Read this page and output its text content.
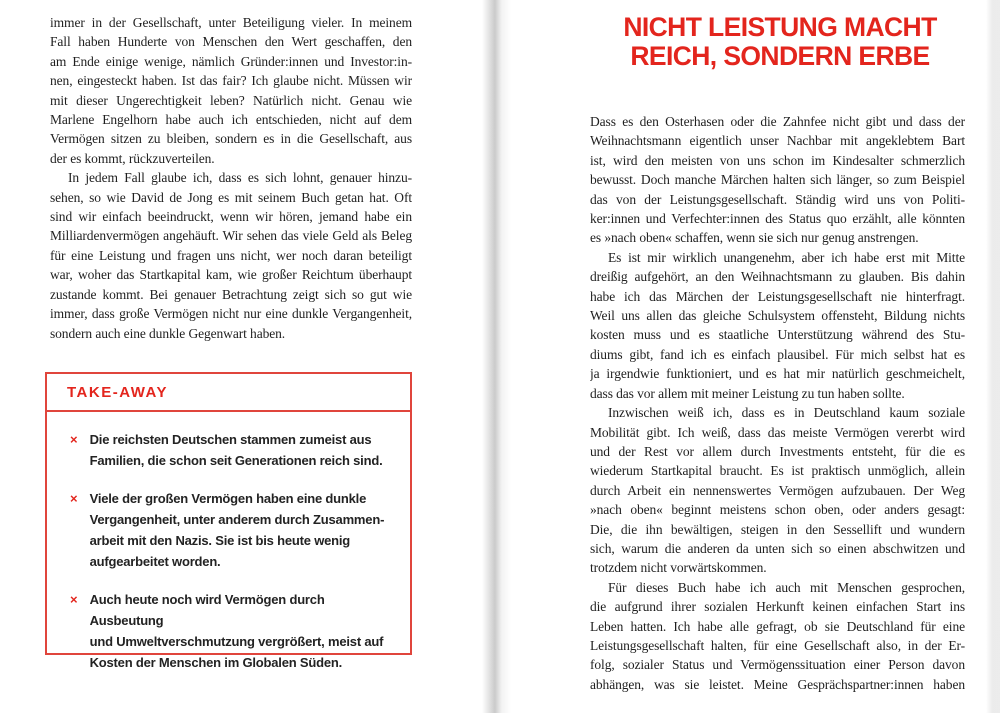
immer in der Gesellschaft, unter Beteiligung vieler. In meinem
Fall haben Hunderte von Menschen den Wert geschaffen, den
am Ende einige wenige, nämlich Gründer:innen und Investor:in-
nen, eingesteckt haben. Ist das fair? Ich glaube nicht. Müssen wir
mit dieser Ungerechtigkeit leben? Natürlich nicht. Genau wie
Marlene Engelhorn habe auch ich entschieden, nicht auf dem
Vermögen sitzen zu bleiben, sondern es in die Gesellschaft, aus
der es kommt, rückzuverteilen.
In jedem Fall glaube ich, dass es sich lohnt, genauer hinzu-
sehen, so wie David de Jong es mit seinem Buch getan hat. Oft
sind wir einfach beeindruckt, wenn wir hören, jemand habe ein
Milliardenvermögen angehäuft. Wir sehen das viele Geld als Beleg
für eine Leistung und fragen uns nicht, wer noch daran beteiligt
war, woher das Startkapital kam, wie großer Reichtum überhaupt
zustande kommt. Bei genauer Betrachtung zeigt sich so gut wie
immer, dass große Vermögen nicht nur eine dunkle Vergangenheit,
sondern auch eine dunkle Gegenwart haben.
TAKE-AWAY
× Die reichsten Deutschen stammen zumeist aus
Familien, die schon seit Generationen reich sind.
× Viele der großen Vermögen haben eine dunkle
Vergangenheit, unter anderem durch Zusammen-
arbeit mit den Nazis. Sie ist bis heute wenig
aufgearbeitet worden.
× Auch heute noch wird Vermögen durch Ausbeutung
und Umweltverschmutzung vergrößert, meist auf
Kosten der Menschen im Globalen Süden.
NICHT LEISTUNG MACHT
REICH, SONDERN ERBE
Dass es den Osterhasen oder die Zahnfee nicht gibt und dass der
Weihnachtsmann eigentlich unser Nachbar mit angeklebtem Bart
ist, wird den meisten von uns schon im Kindesalter schmerzlich
bewusst. Doch manche Märchen halten sich länger, so zum Beispiel
das von der Leistungsgesellschaft. Ständig wird uns von Politi-
ker:innen und Verfechter:innen des Status quo erzählt, alle könnten
es »nach oben« schaffen, wenn sie sich nur genug anstrengen.
Es ist mir wirklich unangenehm, aber ich habe erst mit Mitte
dreißig aufgehört, an den Weihnachtsmann zu glauben. Bis dahin
habe ich das Märchen der Leistungsgesellschaft nie hinterfragt.
Weil uns allen das gleiche Schulsystem offensteht, Bildung nichts
kosten muss und es staatliche Unterstützung während des Stu-
diums gibt, fand ich es einfach plausibel. Für mich selbst hat es
ja irgendwie funktioniert, und es hat mir natürlich geschmeichelt,
dass das vor allem mit meiner Leistung zu tun haben sollte.
Inzwischen weiß ich, dass es in Deutschland kaum soziale
Mobilität gibt. Ich weiß, dass das meiste Vermögen vererbt wird
und der Rest vor allem durch Investments entsteht, für die es
wiederum Startkapital braucht. Es ist praktisch unmöglich, allein
durch Arbeit ein nennenswertes Vermögen aufzubauen. Der Weg
»nach oben« beginnt meistens schon oben, oder anders gesagt:
Die, die ihn bewältigen, steigen in den Sessellift und wundern
sich, warum die anderen da unten sich so einen abschwitzen und
trotzdem nicht vorwärtskommen.
Für dieses Buch habe ich auch mit Menschen gesprochen,
die aufgrund ihrer sozialen Herkunft keinen einfachen Start ins
Leben hatten. Ich habe alle gefragt, ob sie Deutschland für eine
Leistungsgesellschaft halten, für eine Gesellschaft also, in der Er-
folg, sozialer Status und Vermögenssituation einer Person davon
abhängen, was sie leistet. Meine Gesprächspartner:innen haben
